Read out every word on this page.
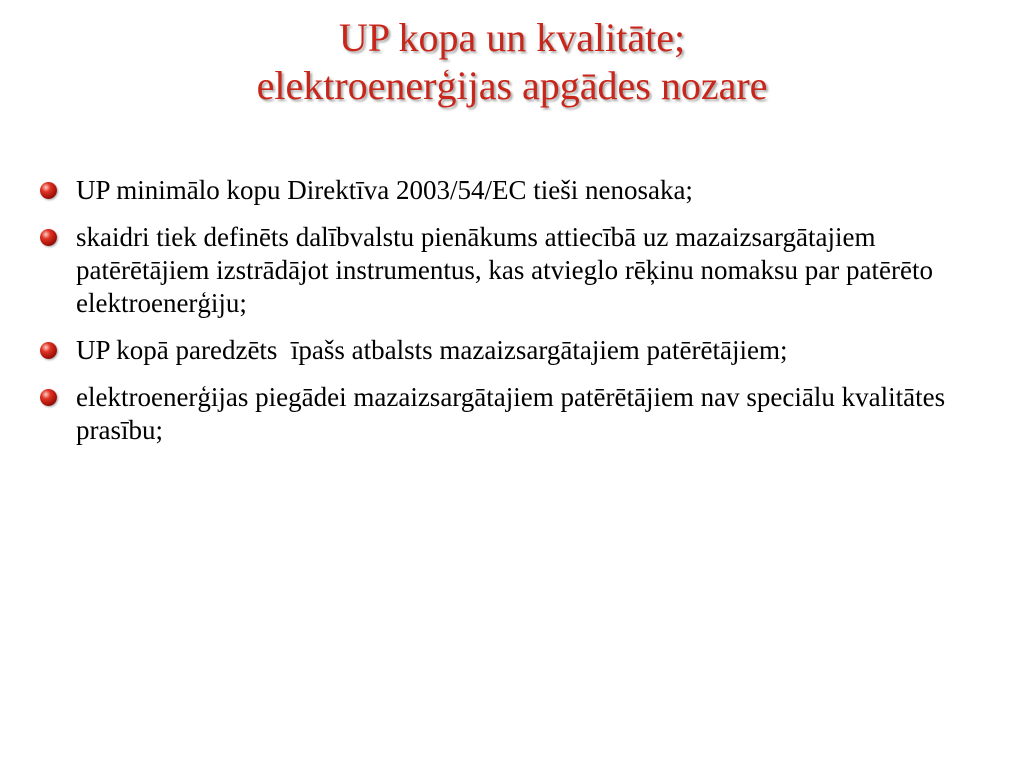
UP kopa un kvalitāte;
elektroenerģijas apgādes nozare
UP minimālo kopu Direktīva 2003/54/EC tieši nenosaka;
skaidri tiek definēts dalībvalstu pienākums attiecībā uz mazaizsargātajiem patērētājiem izstrādājot instrumentus, kas atvieglo rēķinu nomaksu par patērēto elektroenerģiju;
UP kopā paredzēts  īpašs atbalsts mazaizsargātajiem patērētājiem;
elektroenerģijas piegādei mazaizsargātajiem patērētājiem nav speciālu kvalitātes prasību;
